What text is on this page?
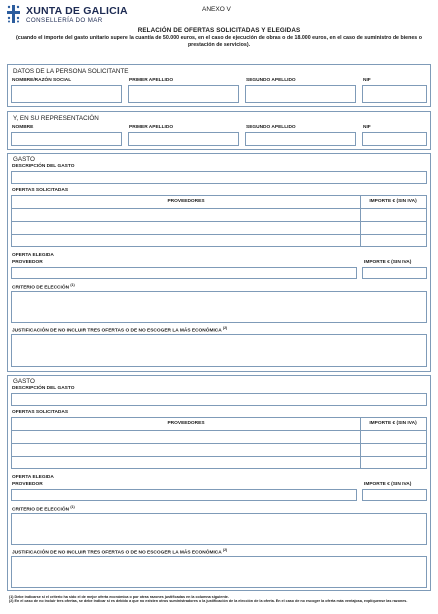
XUNTA DE GALICIA
CONSELLERÍA DO MAR
ANEXO V
RELACIÓN DE OFERTAS SOLICITADAS Y ELEGIDAS
(cuando el importe del gasto unitario supere la cuantía de 50.000 euros, en el caso de ejecución de obras o de 18.000 euros, en el caso de suministro de bienes o prestación de servicios).
DATOS DE LA PERSONA SOLICITANTE
NOMBRE/RAZÓN SOCIAL	PRIMER APELLIDO	SEGUNDO APELLIDO	NIF
Y, EN SU REPRESENTACIÓN
NOMBRE	PRIMER APELLIDO	SEGUNDO APELLIDO	NIF
GASTO
DESCRIPCIÓN DEL GASTO
OFERTAS SOLICITADAS
PROVEEDORES	IMPORTE € (SIN IVA)
OFERTA ELEGIDA
PROVEEDOR	IMPORTE € (SIN IVA)
CRITERIO DE ELECCIÓN $^{(1)}$
JUSTIFICACIÓN DE NO INCLUIR TRES OFERTAS O DE NO ESCOGER LA MÁS ECONÓMICA $^{(2)}$
GASTO
DESCRIPCIÓN DEL GASTO
OFERTAS SOLICITADAS
PROVEEDORES	IMPORTE € (SIN IVA)
OFERTA ELEGIDA
PROVEEDOR	IMPORTE € (SIN IVA)
CRITERIO DE ELECCIÓN $^{(1)}$
JUSTIFICACIÓN DE NO INCLUIR TRES OFERTAS O DE NO ESCOGER LA MÁS ECONÓMICA $^{(2)}$
(1) Debe indicarse si el criterio ha sido el de mejor oferta económica o por otras razones justificadas en la columna siguiente.
(2) En el caso de no incluir tres ofertas, se debe indicar si es debido a que no existen otros suministradores o la justificación de la elección de la oferta. En el caso de no escoger la oferta más ventajosa, explíquense las razones.
